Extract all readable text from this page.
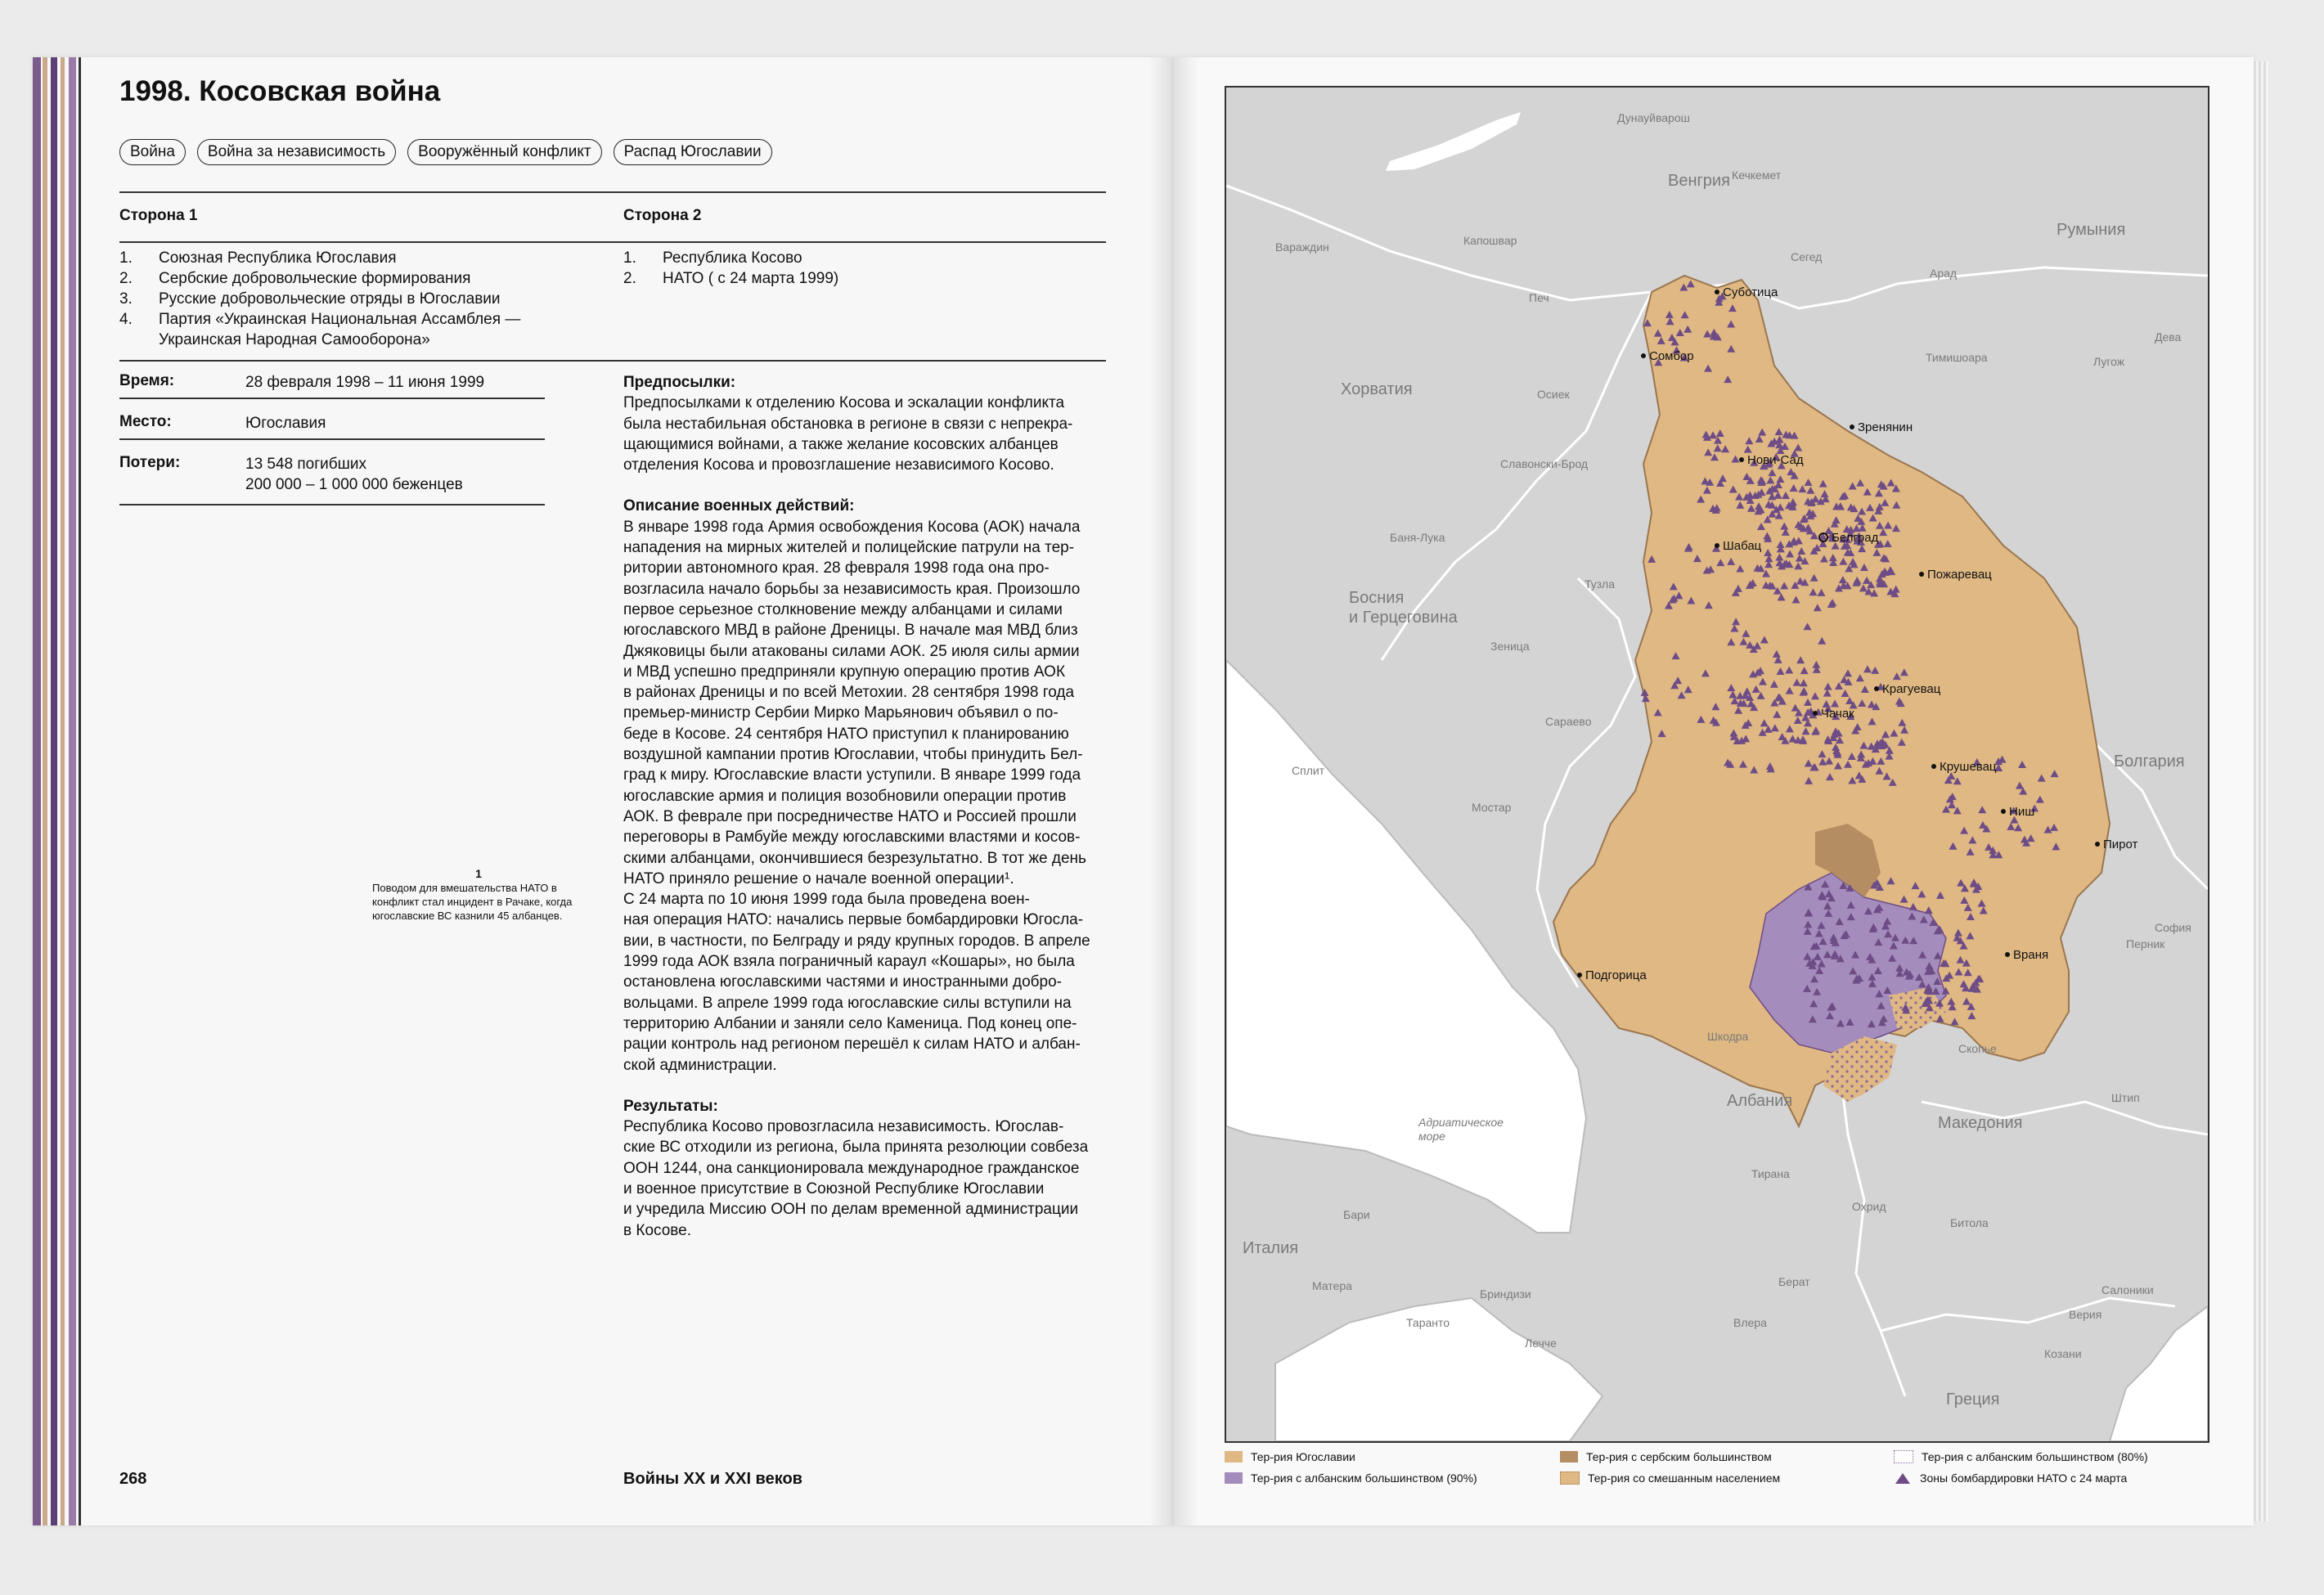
1998. Косовская война
Война	Война за независимость	Вооружённый конфликт	Распад Югославии
Сторона 1	Сторона 2
1.	Союзная Республика Югославия
2.	Сербские добровольческие формирования
3.	Русские добровольческие отряды в Югославии
4.	Партия «Украинская Национальная Ассамблея —
Украинская Народная Самооборона»
1.	Республика Косово
2.	НАТО ( с 24 марта 1999)
Время:	28 февраля 1998 – 11 июня 1999
Место:	Югославия
Потери:	13 548 погибших
200 000 – 1 000 000 беженцев
Предпосылки:

Предпосылками к отделению Косова и эскалации конфликта
была нестабильная обстановка в регионе в связи с непрекра-
щающимися войнами, а также желание косовских албанцев
отделения Косова и провозглашение независимого Косово.

Описание военных действий:

В январе 1998 года Армия освобождения Косова (АОК) начала
нападения на мирных жителей и полицейские патрули на тер-
ритории автономного края. 28 февраля 1998 года она про-
возгласила начало борьбы за независимость края. Произошло
первое серьезное столкновение между албанцами и силами
югославского МВД в районе Дреницы. В начале мая МВД близ
Джяковицы были атакованы силами АОК. 25 июля силы армии
и МВД успешно предприняли крупную операцию против АОК
в районах Дреницы и по всей Метохии. 28 сентября 1998 года
премьер-министр Сербии Мирко Марьянович объявил о по-
беде в Косове. 24 сентября НАТО приступил к планированию
воздушной кампании против Югославии, чтобы принудить Бел-
град к миру. Югославские власти уступили. В январе 1999 года
югославские армия и полиция возобновили операции против
АОК. В феврале при посредничестве НАТО и Россией прошли
переговоры в Рамбуйе между югославскими властями и косов-
скими албанцами, окончившиеся безрезультатно. В тот же день
НАТО приняло решение о начале военной операции¹.
С 24 марта по 10 июня 1999 года была проведена воен-
ная операция НАТО: начались первые бомбардировки Югосла-
вии, в частности, по Белграду и ряду крупных городов. В апреле
1999 года АОК взяла пограничный караул «Кошары», но была
остановлена югославскими частями и иностранными добро-
вольцами. В апреле 1999 года югославские силы вступили на
территорию Албании и заняли село Каменица. Под конец опе-
рации контроль над регионом перешёл к силам НАТО и албан-
ской администрации.

Результаты:

Республика Косово провозгласила независимость. Югослав-
ские ВС отходили из региона, была принята резолюции совбеза
ООН 1244, она санкционировала международное гражданское
и военное присутствие в Союзной Республике Югославии
и учредила Миссию ООН по делам временной администрации
в Косове.

1
Поводом для вмешательства НАТО в конфликт стал инцидент в Рачаке, когда югославские ВС казнили 45 албанцев.
268	Войны XX и XXI веков
Венгрия
Румыния
Хорватия
Босния и Герцеговина
Болгария
Албания
Македония
Италия
Греция
Адриатическое море
Суботица
Сомбор
Зренянин
Нови-Сад
Белград
Шабац
Пожаревац
Крагуевац
Чачак
Крушевац
Ниш
Пирот
Враня
Подгорица
Дунауйварош
Кечкемет
Капошвар
Сегед
Вараждин
Печ
Арад
Тимишоара	Лугож
Дева
Осиек
Славонски-Брод
Баня-Лука
Тузла
Зеница
Сараево
Сплит
Мостар
Шкодра
Скопье
Штип
Тирана
Охрид
Битола
Бари
Матера
Бриндизи
Таранто
Лечче
Влера
Берат
Салоники
Верия
Козани
София
Перник
Тер-рия Югославии
Тер-рия с албанским большинством (90%)
Тер-рия с сербским большинством
Тер-рия со смешанным населением
Тер-рия с албанским большинством (80%)
Зоны бомбардировки НАТО с 24 марта
